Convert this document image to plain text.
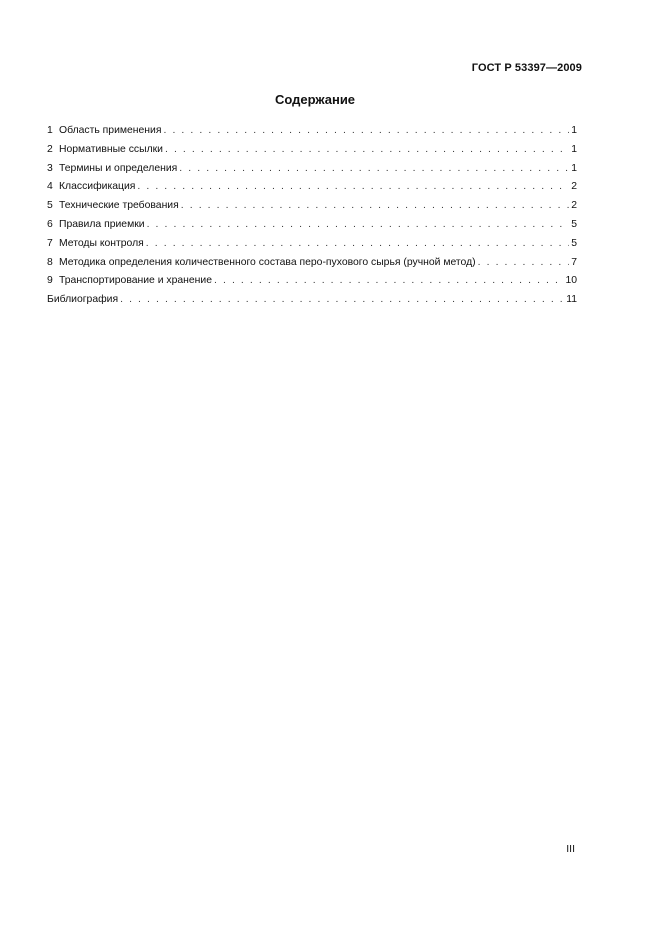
ГОСТ Р 53397—2009
Содержание
1 Область применения . . .	1
2 Нормативные ссылки . . .	1
3 Термины и определения . . .	1
4 Классификация . . .	2
5 Технические требования . . .	2
6 Правила приемки . . .	5
7 Методы контроля . . .	5
8 Методика определения количественного состава перо-пухового сырья (ручной метод) . . .	7
9 Транспортирование и хранение . . .	10
Библиография . . .	11
III
